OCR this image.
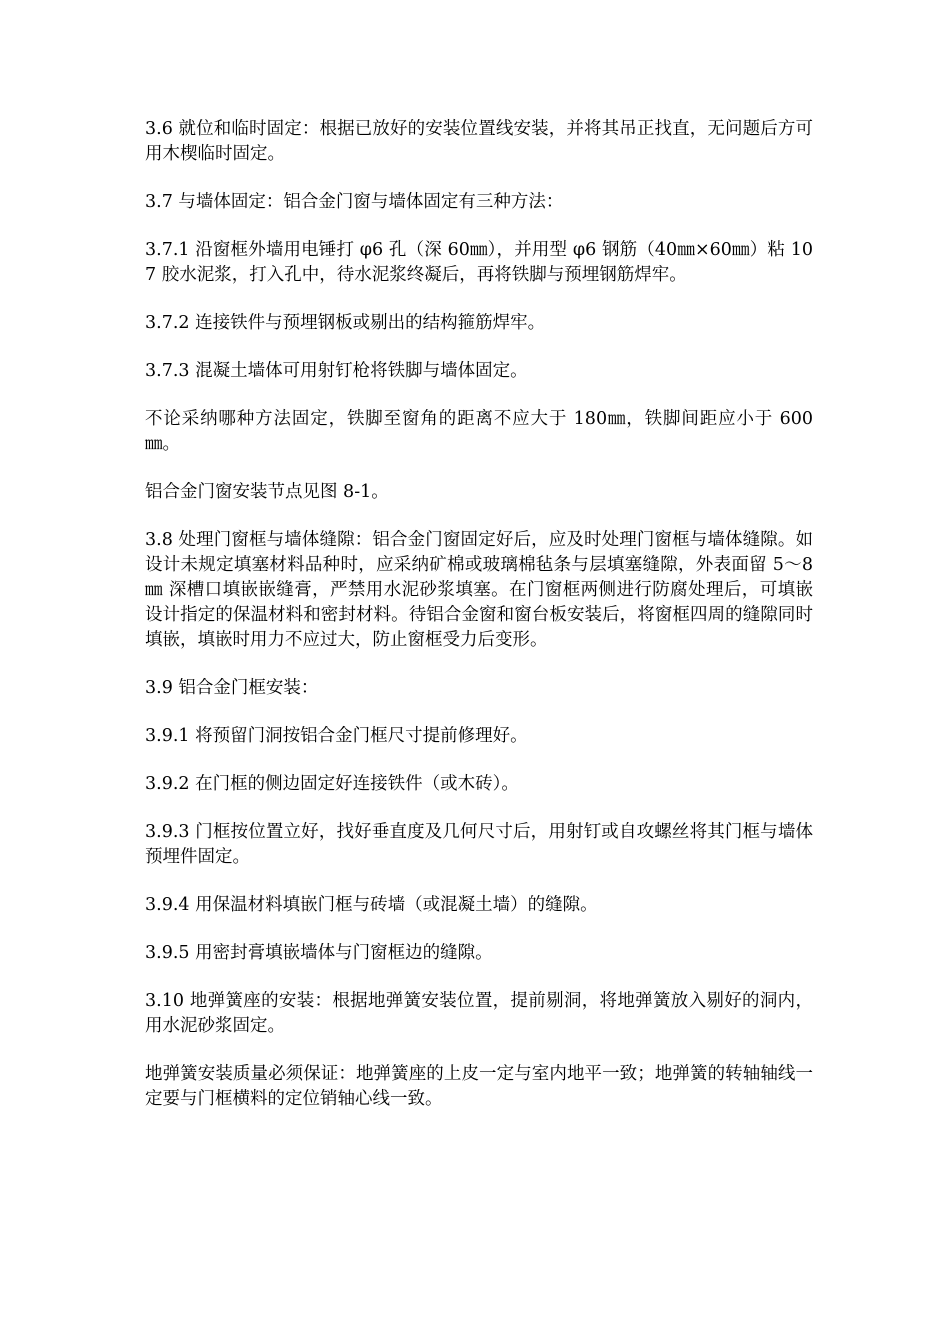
3.6 就位和临时固定：根据已放好的安装位置线安装，并将其吊正找直，无问题后方可用木楔临时固定。

3.7 与墙体固定：铝合金门窗与墙体固定有三种方法：

3.7.1 沿窗框外墙用电锤打 φ6 孔（深 60㎜），并用型 φ6 钢筋（40㎜×60㎜）粘 107 胶水泥浆，打入孔中，待水泥浆终凝后，再将铁脚与预埋钢筋焊牢。

3.7.2 连接铁件与预埋钢板或剔出的结构箍筋焊牢。

3.7.3 混凝土墙体可用射钉枪将铁脚与墙体固定。

不论采纳哪种方法固定，铁脚至窗角的距离不应大于 180㎜，铁脚间距应小于 600㎜。

铝合金门窗安装节点见图 8-1。

3.8 处理门窗框与墙体缝隙：铝合金门窗固定好后，应及时处理门窗框与墙体缝隙。如设计未规定填塞材料品种时，应采纳矿棉或玻璃棉毡条与层填塞缝隙，外表面留 5～8㎜ 深槽口填嵌嵌缝膏，严禁用水泥砂浆填塞。在门窗框两侧进行防腐处理后，可填嵌设计指定的保温材料和密封材料。待铝合金窗和窗台板安装后，将窗框四周的缝隙同时填嵌，填嵌时用力不应过大，防止窗框受力后变形。

3.9 铝合金门框安装：

3.9.1 将预留门洞按铝合金门框尺寸提前修理好。

3.9.2 在门框的侧边固定好连接铁件（或木砖）。

3.9.3 门框按位置立好，找好垂直度及几何尺寸后，用射钉或自攻螺丝将其门框与墙体预埋件固定。

3.9.4 用保温材料填嵌门框与砖墙（或混凝土墙）的缝隙。

3.9.5 用密封膏填嵌墙体与门窗框边的缝隙。

3.10 地弹簧座的安装：根据地弹簧安装位置，提前剔洞，将地弹簧放入剔好的洞内，用水泥砂浆固定。

地弹簧安装质量必须保证：地弹簧座的上皮一定与室内地平一致；地弹簧的转轴轴线一定要与门框横料的定位销轴心线一致。
